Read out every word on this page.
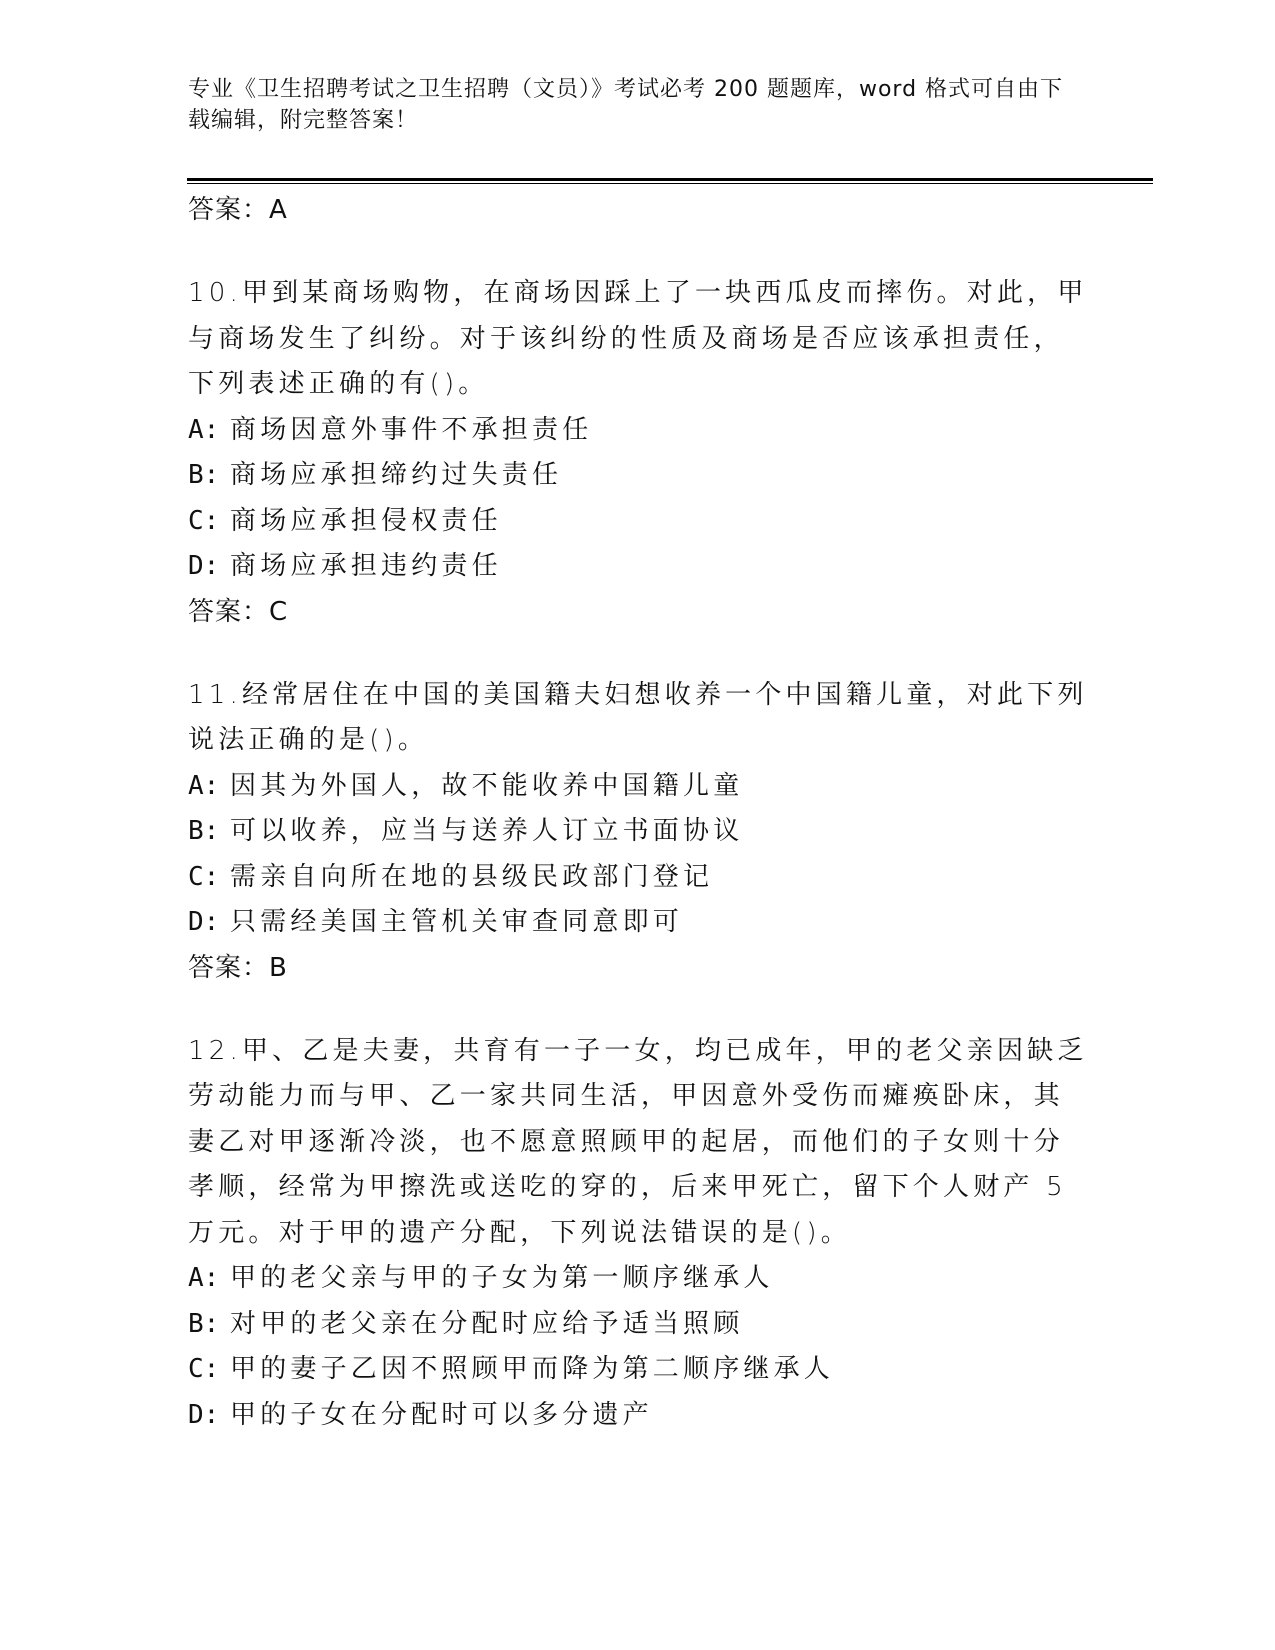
专业《卫生招聘考试之卫生招聘（文员）》考试必考 200 题题库，word 格式可自由下载编辑，附完整答案！
答案：A
10.甲到某商场购物，在商场因踩上了一块西瓜皮而摔伤。对此，甲与商场发生了纠纷。对于该纠纷的性质及商场是否应该承担责任，下列表述正确的有()。
A: 商场因意外事件不承担责任
B: 商场应承担缔约过失责任
C: 商场应承担侵权责任
D: 商场应承担违约责任
答案：C
11.经常居住在中国的美国籍夫妇想收养一个中国籍儿童，对此下列说法正确的是()。
A: 因其为外国人，故不能收养中国籍儿童
B: 可以收养，应当与送养人订立书面协议
C: 需亲自向所在地的县级民政部门登记
D: 只需经美国主管机关审查同意即可
答案：B
12.甲、乙是夫妻，共育有一子一女，均已成年，甲的老父亲因缺乏劳动能力而与甲、乙一家共同生活，甲因意外受伤而瘫痪卧床，其妻乙对甲逐渐冷淡，也不愿意照顾甲的起居，而他们的子女则十分孝顺，经常为甲擦洗或送吃的穿的，后来甲死亡，留下个人财产 5 万元。对于甲的遗产分配，下列说法错误的是()。
A: 甲的老父亲与甲的子女为第一顺序继承人
B: 对甲的老父亲在分配时应给予适当照顾
C: 甲的妻子乙因不照顾甲而降为第二顺序继承人
D: 甲的子女在分配时可以多分遗产
